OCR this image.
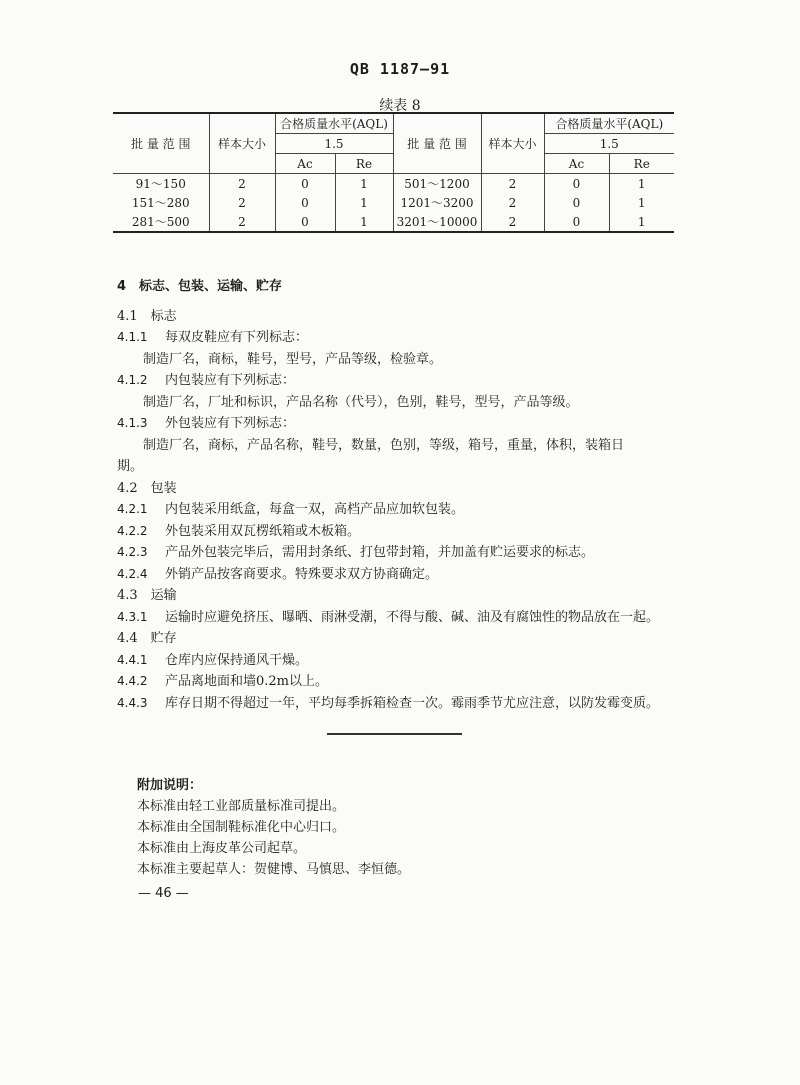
QB 1187—91
续表 8
批 量 范 围	样本大小	合格质量水平(AQL)		批 量 范 围	样本大小	合格质量水平(AQL)	
		1.5				1.5	
		Ac	Re			Ac	Re
91～150	2	0	1	501～1200	2	0	1
151～280	2	0	1	1201～3200	2	0	1
281～500	2	0	1	3201～10000	2	0	1

4　标志、包装、运输、贮存

4.1　标志

4.1.1 每双皮鞋应有下列标志：

制造厂名，商标，鞋号，型号，产品等级，检验章。

4.1.2 内包装应有下列标志：

制造厂名，厂址和标识，产品名称（代号），色别，鞋号，型号，产品等级。

4.1.3 外包装应有下列标志：

制造厂名，商标，产品名称，鞋号，数量，色别，等级，箱号，重量，体积，装箱日

期。

4.2　包装

4.2.1 内包装采用纸盒，每盒一双，高档产品应加软包装。

4.2.2 外包装采用双瓦楞纸箱或木板箱。

4.2.3 产品外包装完毕后，需用封条纸、打包带封箱，并加盖有贮运要求的标志。

4.2.4 外销产品按客商要求。特殊要求双方协商确定。

4.3　运输

4.3.1 运输时应避免挤压、曝晒、雨淋受潮，不得与酸、碱、油及有腐蚀性的物品放在一起。

4.4　贮存

4.4.1 仓库内应保持通风干燥。

4.4.2 产品离地面和墙0.2m以上。

4.4.3 库存日期不得超过一年，平均每季拆箱检查一次。霉雨季节尤应注意，以防发霉变质。

附加说明：

本标准由轻工业部质量标准司提出。

本标准由全国制鞋标准化中心归口。

本标准由上海皮革公司起草。

本标准主要起草人：贺健博、马慎思、李恒德。

— 46 —
